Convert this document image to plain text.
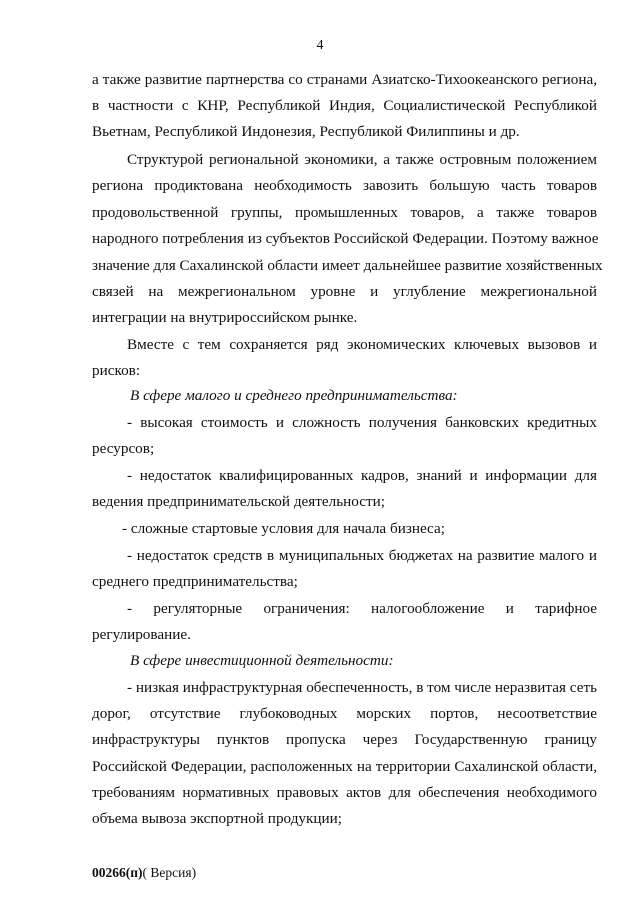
4
а также развитие партнерства со странами Азиатско-Тихоокеанского региона,
в частности с КНР, Республикой Индия, Социалистической Республикой
Вьетнам, Республикой Индонезия, Республикой Филиппины и др.
Структурой региональной экономики, а также островным положением
региона продиктована необходимость завозить большую часть товаров
продовольственной группы, промышленных товаров, а также товаров
народного потребления из субъектов Российской Федерации. Поэтому важное
значение для Сахалинской области имеет дальнейшее развитие хозяйственных
связей на межрегиональном уровне и углубление межрегиональной
интеграции на внутрироссийском рынке.
Вместе с тем сохраняется ряд экономических ключевых вызовов и
рисков:
В сфере малого и среднего предпринимательства:
- высокая стоимость и сложность получения банковских кредитных
ресурсов;
- недостаток квалифицированных кадров, знаний и информации для
ведения предпринимательской деятельности;
- сложные стартовые условия для начала бизнеса;
- недостаток средств в муниципальных бюджетах на развитие малого и
среднего предпринимательства;
- регуляторные ограничения: налогообложение и тарифное
регулирование.
В сфере инвестиционной деятельности:
- низкая инфраструктурная обеспеченность, в том числе неразвитая сеть
дорог, отсутствие глубоководных морских портов, несоответствие
инфраструктуры пунктов пропуска через Государственную границу
Российской Федерации, расположенных на территории Сахалинской области,
требованиям нормативных правовых актов для обеспечения необходимого
объема вывоза экспортной продукции;
00266(п)( Версия)
